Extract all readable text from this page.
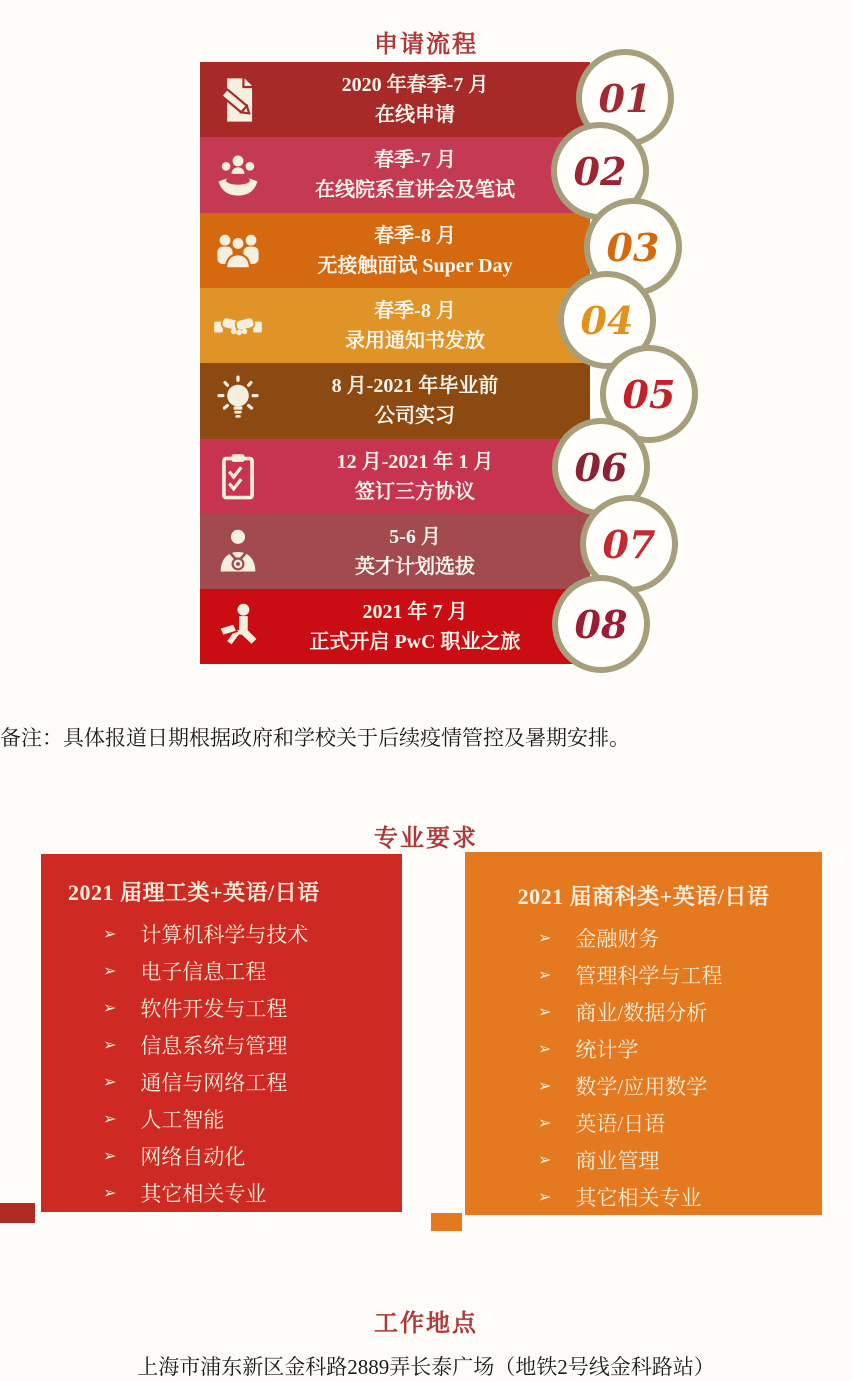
申请流程
2020 年春季-7 月
在线申请
春季-7 月
在线院系宣讲会及笔试
春季-8 月
无接触面试 Super Day
春季-8 月
录用通知书发放
8 月-2021 年毕业前
公司实习
12 月-2021 年 1 月
签订三方协议
5-6 月
英才计划选拔
2021 年 7 月
正式开启 PwC 职业之旅
01
02
03
04
05
06
07
08

备注：具体报道日期根据政府和学校关于后续疫情管控及暑期安排。

专业要求
2021 届理工类+英语/日语
➢ 计算机科学与技术
➢ 电子信息工程
➢ 软件开发与工程
➢ 信息系统与管理
➢ 通信与网络工程
➢ 人工智能
➢ 网络自动化
➢ 其它相关专业
2021 届商科类+英语/日语
➢ 金融财务
➢ 管理科学与工程
➢ 商业/数据分析
➢ 统计学
➢ 数学/应用数学
➢ 英语/日语
➢ 商业管理
➢ 其它相关专业
工作地点

上海市浦东新区金科路2889弄长泰广场（地铁2号线金科路站）
